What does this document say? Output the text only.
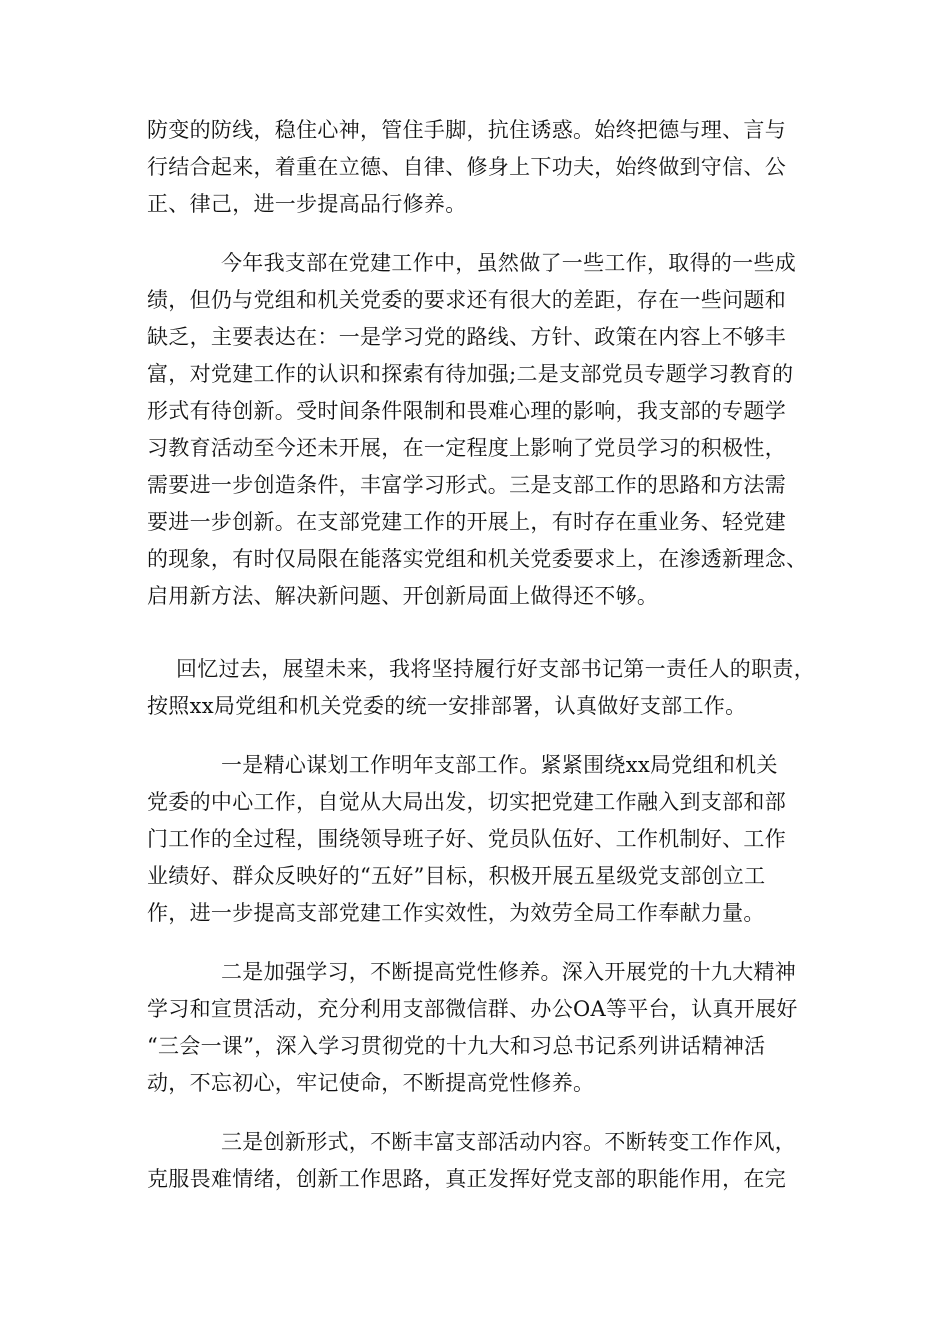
防变的防线，稳住心神，管住手脚，抗住诱惑。始终把德与理、言与
行结合起来，着重在立德、自律、修身上下功夫，始终做到守信、公
正、律己，进一步提高品行修养。
今年我支部在党建工作中，虽然做了一些工作，取得的一些成
绩，但仍与党组和机关党委的要求还有很大的差距，存在一些问题和
缺乏，主要表达在：一是学习党的路线、方针、政策在内容上不够丰
富，对党建工作的认识和探索有待加强;二是支部党员专题学习教育的
形式有待创新。受时间条件限制和畏难心理的影响，我支部的专题学
习教育活动至今还未开展，在一定程度上影响了党员学习的积极性，
需要进一步创造条件，丰富学习形式。三是支部工作的思路和方法需
要进一步创新。在支部党建工作的开展上，有时存在重业务、轻党建
的现象，有时仅局限在能落实党组和机关党委要求上，在渗透新理念、
启用新方法、解决新问题、开创新局面上做得还不够。
回忆过去，展望未来，我将坚持履行好支部书记第一责任人的职责，
按照xx局党组和机关党委的统一安排部署，认真做好支部工作。
一是精心谋划工作明年支部工作。紧紧围绕xx局党组和机关
党委的中心工作，自觉从大局出发，切实把党建工作融入到支部和部
门工作的全过程，围绕领导班子好、党员队伍好、工作机制好、工作
业绩好、群众反映好的“五好”目标，积极开展五星级党支部创立工
作，进一步提高支部党建工作实效性，为效劳全局工作奉献力量。
二是加强学习，不断提高党性修养。深入开展党的十九大精神
学习和宣贯活动，充分利用支部微信群、办公OA等平台，认真开展好
“三会一课”，深入学习贯彻党的十九大和习总书记系列讲话精神活
动，不忘初心，牢记使命，不断提高党性修养。
三是创新形式，不断丰富支部活动内容。不断转变工作作风，
克服畏难情绪，创新工作思路，真正发挥好党支部的职能作用，在完
